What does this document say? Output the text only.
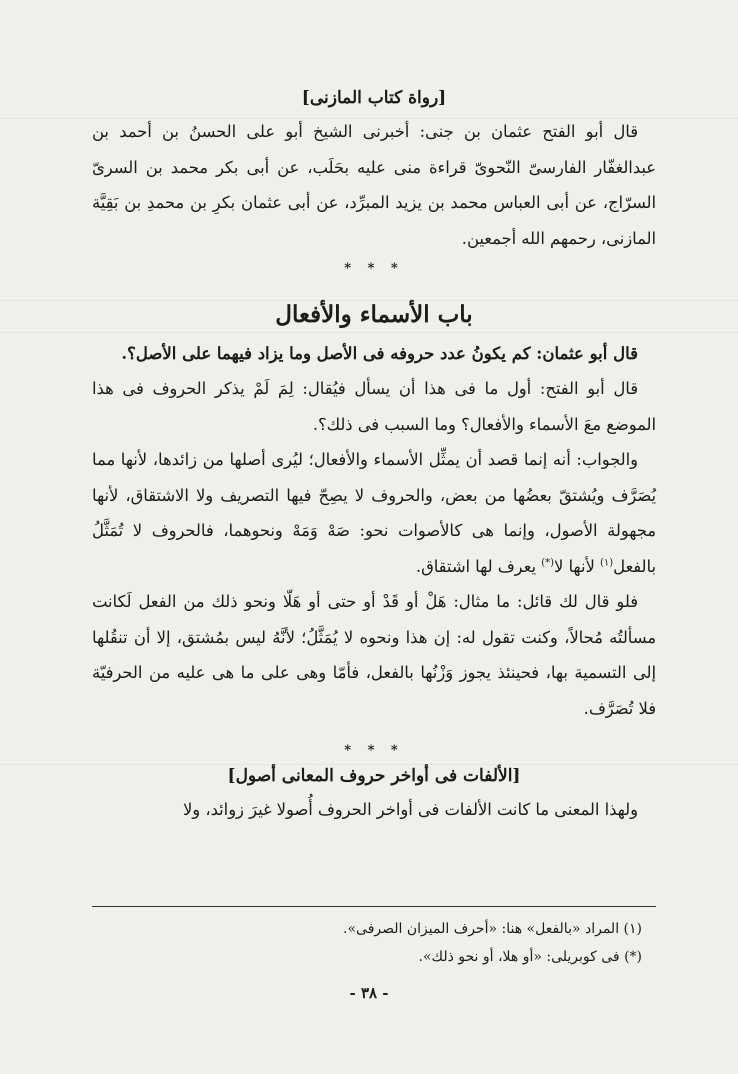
[رواة كتاب المازنى]

قال أبو الفتح عثمان بن جنى: أخبرنى الشيخ أبو على الحسنُ بن أحمد بن عبدالغفّار الفارسىّ النّحوىّ قراءة منى عليه بحَلَب، عن أبى بكر محمد بن السرىّ السرّاج، عن أبى العباس محمد بن يزيد المبرِّد، عن أبى عثمان بكرِ بن محمدِ بن بَقِيَّة المازنى، رحمهم الله أجمعين.

* * *

باب الأسماء والأفعال

قال أبو عثمان: كم يكونُ عدد حروفه فى الأصل وما يزاد فيهما على الأصل؟.

قال أبو الفتح: أول ما فى هذا أن يسأل فيُقال: لِمَ لَمْ يذكر الحروف فى هذا الموضع معَ الأسماء والأفعال؟ وما السبب فى ذلك؟.

والجواب: أنه إنما قصد أن يمثِّل الأسماء والأفعال؛ ليُرى أصلها من زائدها، لأنها مما يُصَرَّف ويُشتقّ بعضُها من بعض، والحروف لا يصِحّ فيها التصريف ولا الاشتقاق، لأنها مجهولة الأصول، وإنما هى كالأصوات نحو: صَهْ وَمَهْ ونحوهما، فالحروف لا تُمَثَّلُ بالفعل$^{(١)}$ لأنها لا(*) يعرف لها اشتقاق.

فلو قال لك قائل: ما مثال: هَلْ أو قَدْ أو حتى أو هَلّا ونحو ذلك من الفعل لَكانت مسألتُه مُحالاً، وكنت تقول له: إن هذا ونحوه لا يُمَثَّلُ؛ لأنَّهُ ليس بمُشتق، إلا أن تنقُلها إلى التسمية بها، فحينئذ يجوز وَزْنُها بالفعل، فأمّا وهى على ما هى عليه من الحرفيّة فلا تُصَرَّف.

* * *

[الألفات فى أواخر حروف المعانى أصول]

ولهذا المعنى ما كانت الألفات فى أواخر الحروف أُصولا غيرَ زوائد، ولا

(١) المراد «بالفعل» هنا: «أحرف الميزان الصرفى».

(*) فى كوبريلى: «أو هلا، أو نحو ذلك».

- ٣٨ -
